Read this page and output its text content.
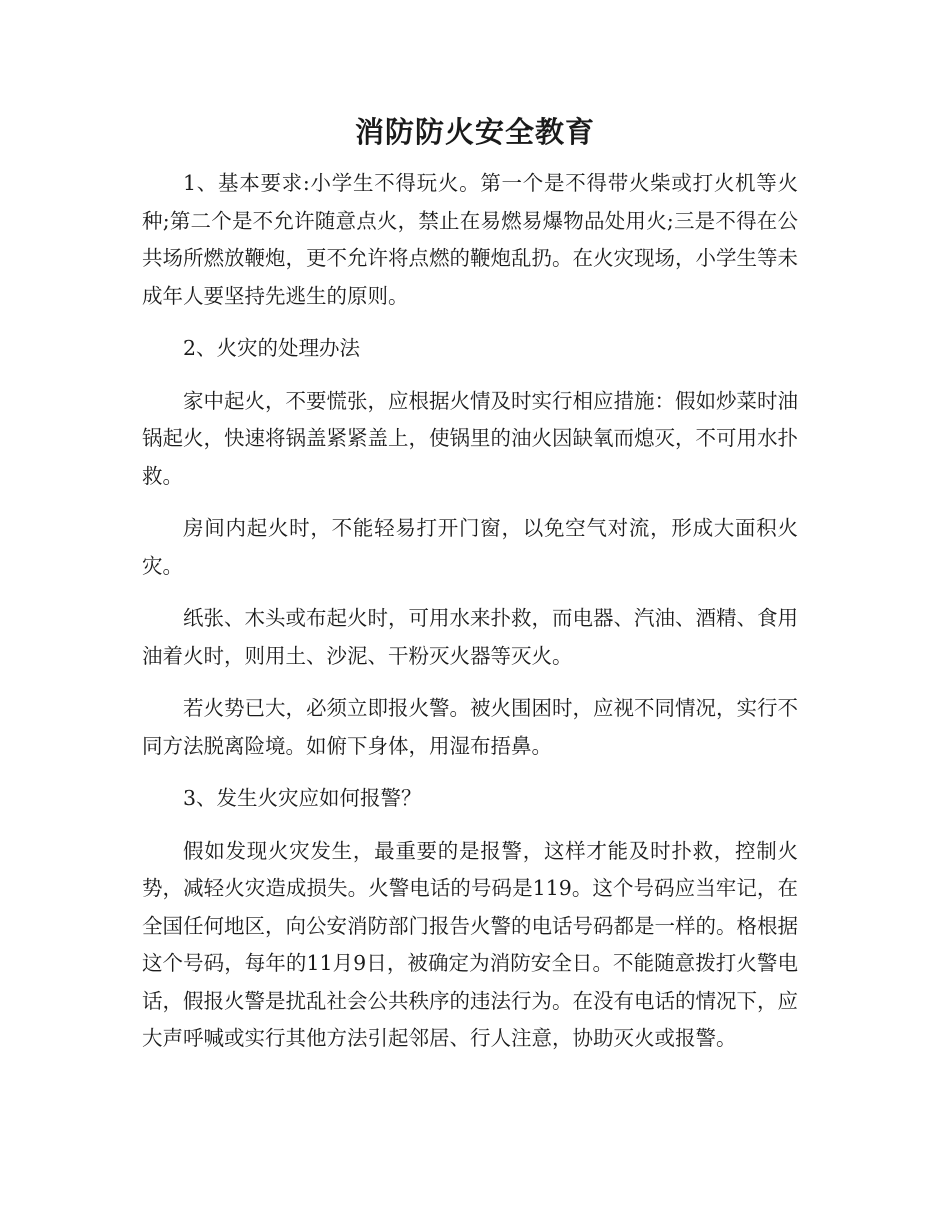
消防防火安全教育

1、基本要求:小学生不得玩火。第一个是不得带火柴或打火机等火种;第二个是不允许随意点火，禁止在易燃易爆物品处用火;三是不得在公共场所燃放鞭炮，更不允许将点燃的鞭炮乱扔。在火灾现场，小学生等未成年人要坚持先逃生的原则。

2、火灾的处理办法

家中起火，不要慌张，应根据火情及时实行相应措施：假如炒菜时油锅起火，快速将锅盖紧紧盖上，使锅里的油火因缺氧而熄灭，不可用水扑救。

房间内起火时，不能轻易打开门窗，以免空气对流，形成大面积火灾。

纸张、木头或布起火时，可用水来扑救，而电器、汽油、酒精、食用油着火时，则用土、沙泥、干粉灭火器等灭火。

若火势已大，必须立即报火警。被火围困时，应视不同情况，实行不同方法脱离险境。如俯下身体，用湿布捂鼻。

3、发生火灾应如何报警？

假如发现火灾发生，最重要的是报警，这样才能及时扑救，控制火势，减轻火灾造成损失。火警电话的号码是119。这个号码应当牢记，在全国任何地区，向公安消防部门报告火警的电话号码都是一样的。格根据这个号码，每年的11月9日，被确定为消防安全日。不能随意拨打火警电话，假报火警是扰乱社会公共秩序的违法行为。在没有电话的情况下，应大声呼喊或实行其他方法引起邻居、行人注意，协助灭火或报警。
